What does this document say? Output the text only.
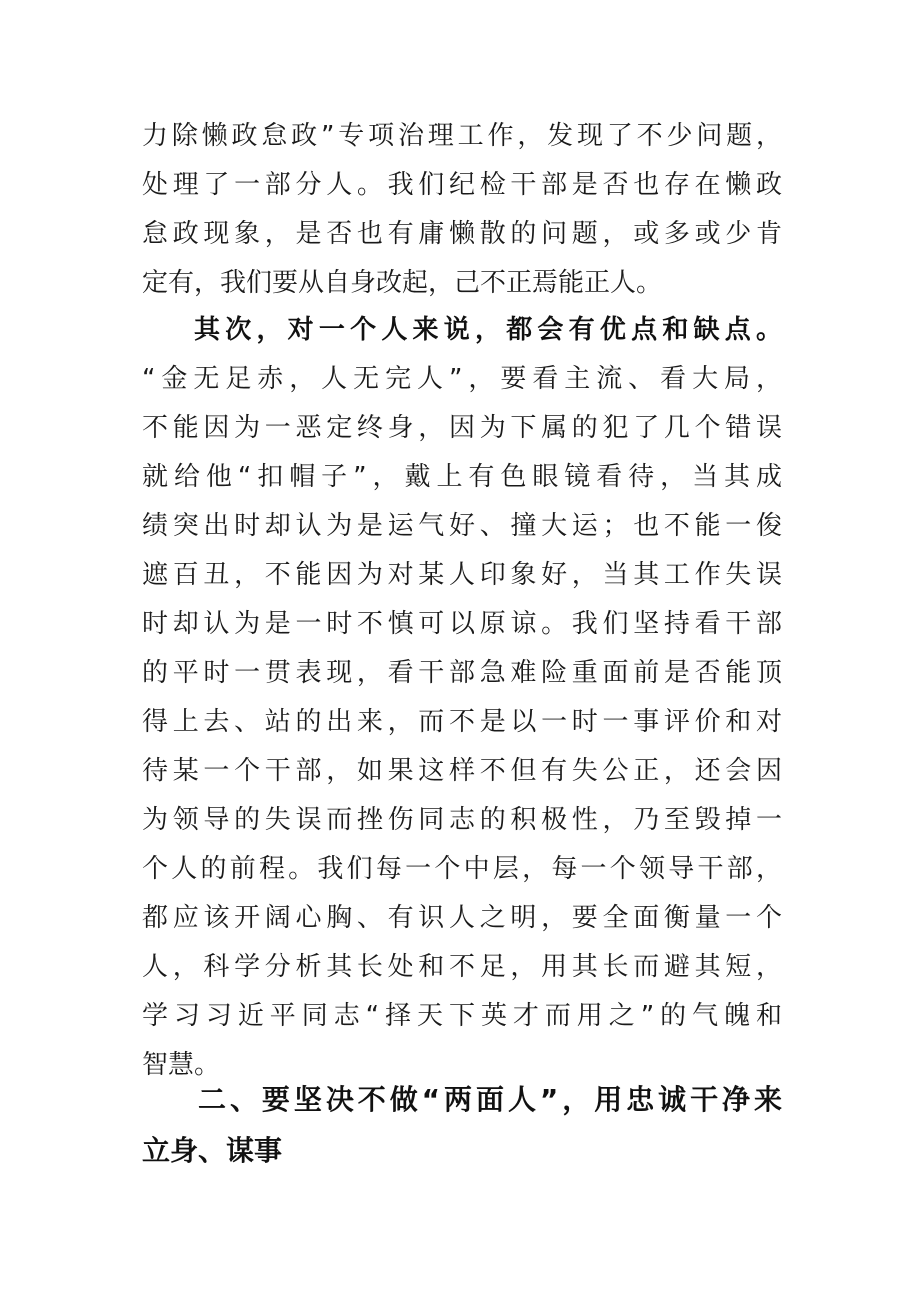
力除懒政怠政”专项治理工作，发现了不少问题，
处理了一部分人。我们纪检干部是否也存在懒政
怠政现象，是否也有庸懒散的问题，或多或少肯
定有，我们要从自身改起，己不正焉能正人。
其次，对一个人来说，都会有优点和缺点。
“金无足赤，人无完人”，要看主流、看大局，
不能因为一恶定终身，因为下属的犯了几个错误
就给他“扣帽子”，戴上有色眼镜看待，当其成
绩突出时却认为是运气好、撞大运；也不能一俊
遮百丑，不能因为对某人印象好，当其工作失误
时却认为是一时不慎可以原谅。我们坚持看干部
的平时一贯表现，看干部急难险重面前是否能顶
得上去、站的出来，而不是以一时一事评价和对
待某一个干部，如果这样不但有失公正，还会因
为领导的失误而挫伤同志的积极性，乃至毁掉一
个人的前程。我们每一个中层，每一个领导干部，
都应该开阔心胸、有识人之明，要全面衡量一个
人，科学分析其长处和不足，用其长而避其短，
学习习近平同志“择天下英才而用之”的气魄和
智慧。
二、要坚决不做“两面人”，用忠诚干净来
立身、谋事
